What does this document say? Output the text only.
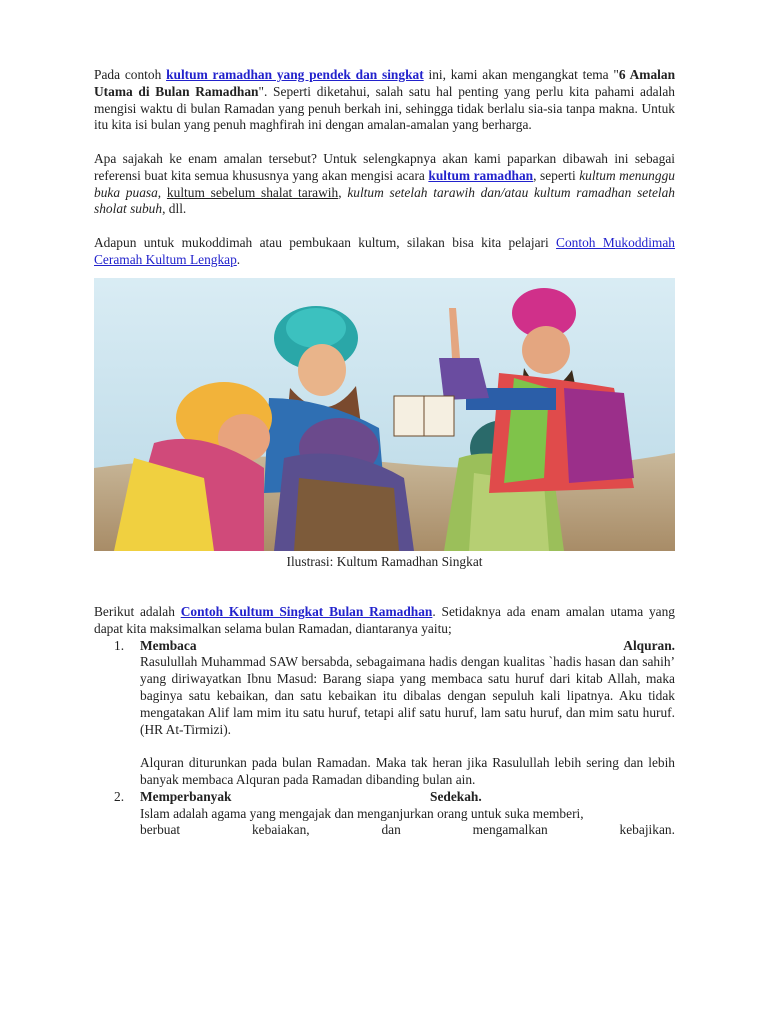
Pada contoh kultum ramadhan yang pendek dan singkat ini, kami akan mengangkat tema "6 Amalan Utama di Bulan Ramadhan". Seperti diketahui, salah satu hal penting yang perlu kita pahami adalah mengisi waktu di bulan Ramadan yang penuh berkah ini, sehingga tidak berlalu sia-sia tanpa makna. Untuk itu kita isi bulan yang penuh maghfirah ini dengan amalan-amalan yang berharga.

Apa sajakah ke enam amalan tersebut? Untuk selengkapnya akan kami paparkan dibawah ini sebagai referensi buat kita semua khususnya yang akan mengisi acara kultum ramadhan, seperti kultum menunggu buka puasa, kultum sebelum shalat tarawih, kultum setelah tarawih dan/atau kultum ramadhan setelah sholat subuh, dll.

Adapun untuk mukoddimah atau pembukaan kultum, silakan bisa kita pelajari Contoh Mukoddimah Ceramah Kultum Lengkap.

Ilustrasi: Kultum Ramadhan Singkat

Berikut adalah Contoh Kultum Singkat Bulan Ramadhan. Setidaknya ada enam amalan utama yang dapat kita maksimalkan selama bulan Ramadan, diantaranya yaitu;

1. Membaca	Alquran.

Rasulullah Muhammad SAW bersabda, sebagaimana hadis dengan kualitas `hadis hasan dan sahih’ yang diriwayatkan Ibnu Masud: Barang siapa yang membaca satu huruf dari kitab Allah, maka baginya satu kebaikan, dan satu kebaikan itu dibalas dengan sepuluh kali lipatnya. Aku tidak mengatakan Alif lam mim itu satu huruf, tetapi alif satu huruf, lam satu huruf, dan mim satu huruf. (HR At-Tirmizi).

Alquran diturunkan pada bulan Ramadan. Maka tak heran jika Rasulullah lebih sering dan lebih banyak membaca Alquran pada Ramadan dibanding bulan ain.

2. Memperbanyak	Sedekah.

Islam adalah agama yang mengajak dan menganjurkan orang untuk suka memberi,

berbuat	kebaiakan,	dan	mengamalkan	kebajikan.
